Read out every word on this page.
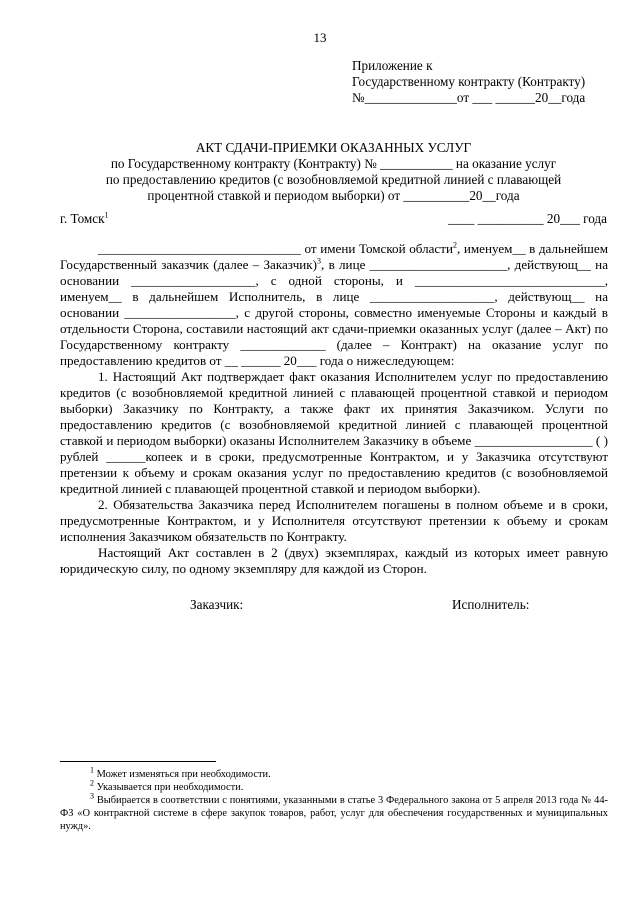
13
Приложение к
Государственному контракту (Контракту)
№______________от ___ ______20__года
АКТ СДАЧИ-ПРИЕМКИ ОКАЗАННЫХ УСЛУГ
по Государственному контракту (Контракту) № ___________ на оказание услуг
по предоставлению кредитов (с возобновляемой кредитной линией с плавающей
процентной ставкой и периодом выборки) от __________20__года
г. Томск$^1$	____ __________ 20___ года

_______________________________ от имени Томской области$^2$, именуем__ в дальнейшем Государственный заказчик (далее – Заказчик)$^3$, в лице _____________________, действующ__ на основании ___________________, с одной стороны, и _____________________________, именуем__ в дальнейшем Исполнитель, в лице ___________________, действующ__ на основании _________________, с другой стороны, совместно именуемые Стороны и каждый в отдельности Сторона, составили настоящий акт сдачи-приемки оказанных услуг (далее – Акт) по Государственному контракту _____________ (далее – Контракт) на оказание услуг по предоставлению кредитов от __ ______ 20___ года о нижеследующем:

1. Настоящий Акт подтверждает факт оказания Исполнителем услуг по предоставлению кредитов (с возобновляемой кредитной линией с плавающей процентной ставкой и периодом выборки) Заказчику по Контракту, а также факт их принятия Заказчиком. Услуги по предоставлению кредитов (с возобновляемой кредитной линией с плавающей процентной ставкой и периодом выборки) оказаны Исполнителем Заказчику в объеме __________________ ( ) рублей ______копеек и в сроки, предусмотренные Контрактом, и у Заказчика отсутствуют претензии к объему и срокам оказания услуг по предоставлению кредитов (с возобновляемой кредитной линией с плавающей процентной ставкой и периодом выборки).

2. Обязательства Заказчика перед Исполнителем погашены в полном объеме и в сроки, предусмотренные Контрактом, и у Исполнителя отсутствуют претензии к объему и срокам исполнения Заказчиком обязательств по Контракту.

Настоящий Акт составлен в 2 (двух) экземплярах, каждый из которых имеет равную юридическую силу, по одному экземпляру для каждой из Сторон.

Заказчик:	Исполнитель:

$^1$ Может изменяться при необходимости.

$^2$ Указывается при необходимости.

$^3$ Выбирается в соответствии с понятиями, указанными в статье 3 Федерального закона от 5 апреля 2013 года № 44-ФЗ «О контрактной системе в сфере закупок товаров, работ, услуг для обеспечения государственных и муниципальных нужд».
